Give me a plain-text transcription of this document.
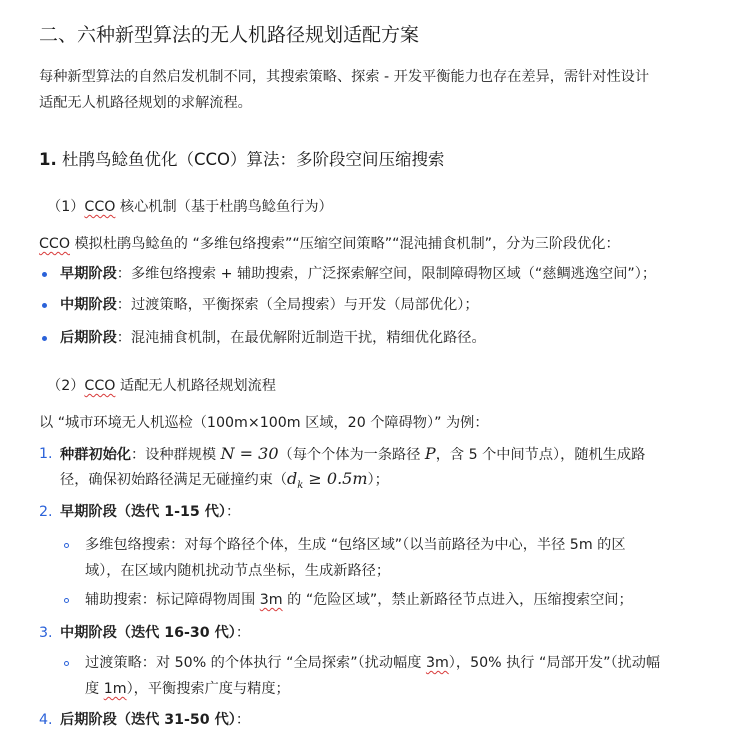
二、六种新型算法的无人机路径规划适配方案
每种新型算法的自然启发机制不同，其搜索策略、探索 - 开发平衡能力也存在差异，需针对性设计
适配无人机路径规划的求解流程。
1. 杜鹃鸟鲶鱼优化（CCO）算法：多阶段空间压缩搜索
（1）CCO 核心机制（基于杜鹃鸟鲶鱼行为）
CCO 模拟杜鹃鸟鲶鱼的 “多维包络搜索”“压缩空间策略”“混沌捕食机制”，分为三阶段优化：
早期阶段：多维包络搜索 + 辅助搜索，广泛探索解空间，限制障碍物区域（“慈鲷逃逸空间”）；
中期阶段：过渡策略，平衡探索（全局搜索）与开发（局部优化）；
后期阶段：混沌捕食机制，在最优解附近制造干扰，精细优化路径。
（2）CCO 适配无人机路径规划流程
以 “城市环境无人机巡检（100m×100m 区域，20 个障碍物）” 为例：
1. 种群初始化：设种群规模 N = 30（每个个体为一条路径 P，含 5 个中间节点），随机生成路
径，确保初始路径满足无碰撞约束$(d_k \ge 0.5m)$；
2. 早期阶段（迭代 1-15 代）：
多维包络搜索：对每个路径个体，生成 “包络区域”（以当前路径为中心，半径 5m 的区
域），在区域内随机扰动节点坐标，生成新路径；
辅助搜索：标记障碍物周围 3m 的 “危险区域”，禁止新路径节点进入，压缩搜索空间；
3. 中期阶段（迭代 16-30 代）：
过渡策略：对 50% 的个体执行 “全局探索”（扰动幅度 3m），50% 执行 “局部开发”（扰动幅
度 1m），平衡搜索广度与精度；
4. 后期阶段（迭代 31-50 代）：
